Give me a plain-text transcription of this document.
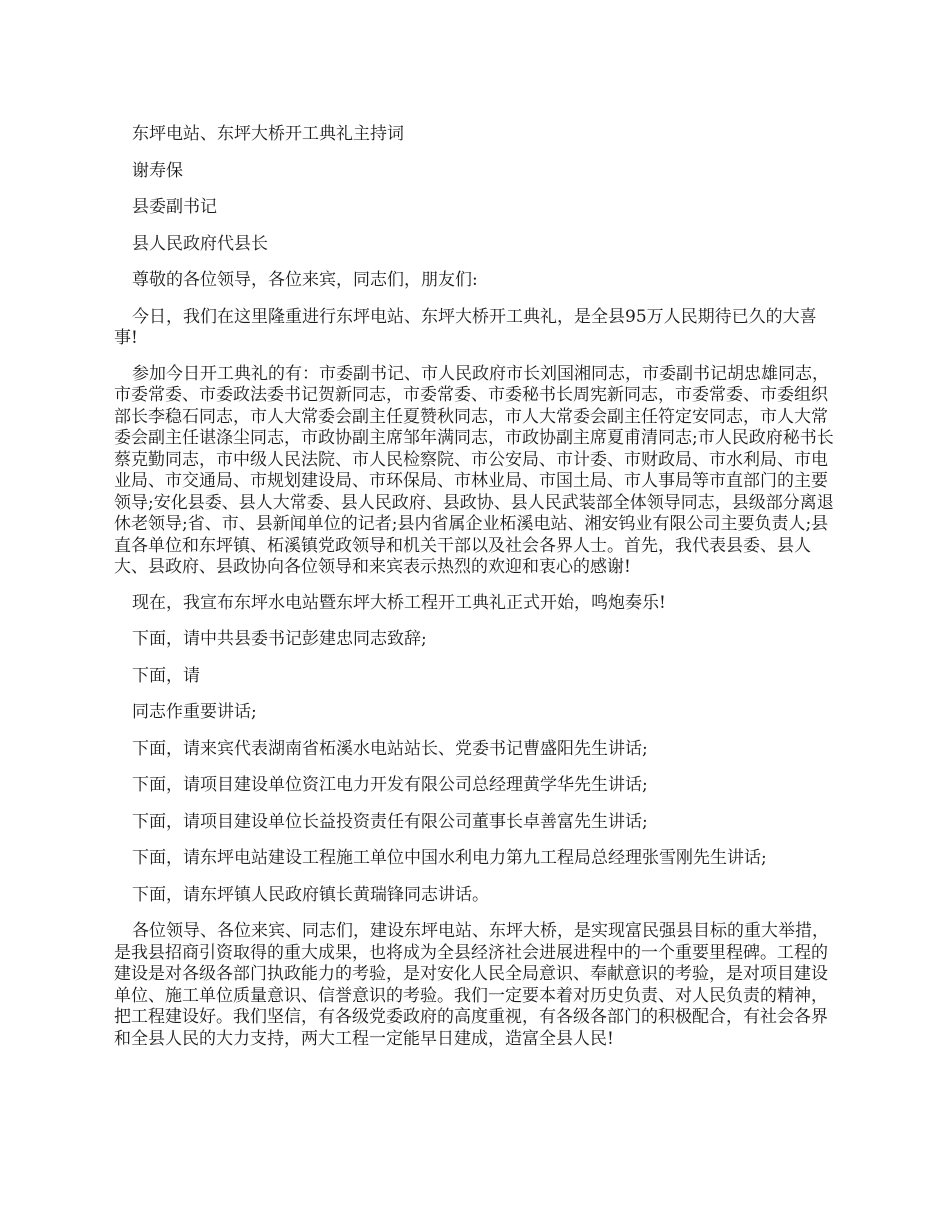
东坪电站、东坪大桥开工典礼主持词

谢寿保

县委副书记

县人民政府代县长

尊敬的各位领导，各位来宾，同志们，朋友们:

今日，我们在这里隆重进行东坪电站、东坪大桥开工典礼，是全县95万人民期待已久的大喜事!

参加今日开工典礼的有：市委副书记、市人民政府市长刘国湘同志，市委副书记胡忠雄同志，市委常委、市委政法委书记贺新同志，市委常委、市委秘书长周宪新同志，市委常委、市委组织部长李稳石同志，市人大常委会副主任夏赞秋同志，市人大常委会副主任符定安同志，市人大常委会副主任谌涤尘同志，市政协副主席邹年满同志，市政协副主席夏甫清同志;市人民政府秘书长蔡克勤同志，市中级人民法院、市人民检察院、市公安局、市计委、市财政局、市水利局、市电业局、市交通局、市规划建设局、市环保局、市林业局、市国土局、市人事局等市直部门的主要领导;安化县委、县人大常委、县人民政府、县政协、县人民武装部全体领导同志，县级部分离退休老领导;省、市、县新闻单位的记者;县内省属企业柘溪电站、湘安钨业有限公司主要负责人;县直各单位和东坪镇、柘溪镇党政领导和机关干部以及社会各界人士。首先，我代表县委、县人大、县政府、县政协向各位领导和来宾表示热烈的欢迎和衷心的感谢!

现在，我宣布东坪水电站暨东坪大桥工程开工典礼正式开始，鸣炮奏乐!

下面，请中共县委书记彭建忠同志致辞;

下面，请

同志作重要讲话;

下面，请来宾代表湖南省柘溪水电站站长、党委书记曹盛阳先生讲话;

下面，请项目建设单位资江电力开发有限公司总经理黄学华先生讲话;

下面，请项目建设单位长益投资责任有限公司董事长卓善富先生讲话;

下面，请东坪电站建设工程施工单位中国水利电力第九工程局总经理张雪刚先生讲话;

下面，请东坪镇人民政府镇长黄瑞锋同志讲话。

各位领导、各位来宾、同志们，建设东坪电站、东坪大桥，是实现富民强县目标的重大举措，是我县招商引资取得的重大成果，也将成为全县经济社会进展进程中的一个重要里程碑。工程的建设是对各级各部门执政能力的考验，是对安化人民全局意识、奉献意识的考验，是对项目建设单位、施工单位质量意识、信誉意识的考验。我们一定要本着对历史负责、对人民负责的精神，把工程建设好。我们坚信，有各级党委政府的高度重视，有各级各部门的积极配合，有社会各界和全县人民的大力支持，两大工程一定能早日建成，造富全县人民!
